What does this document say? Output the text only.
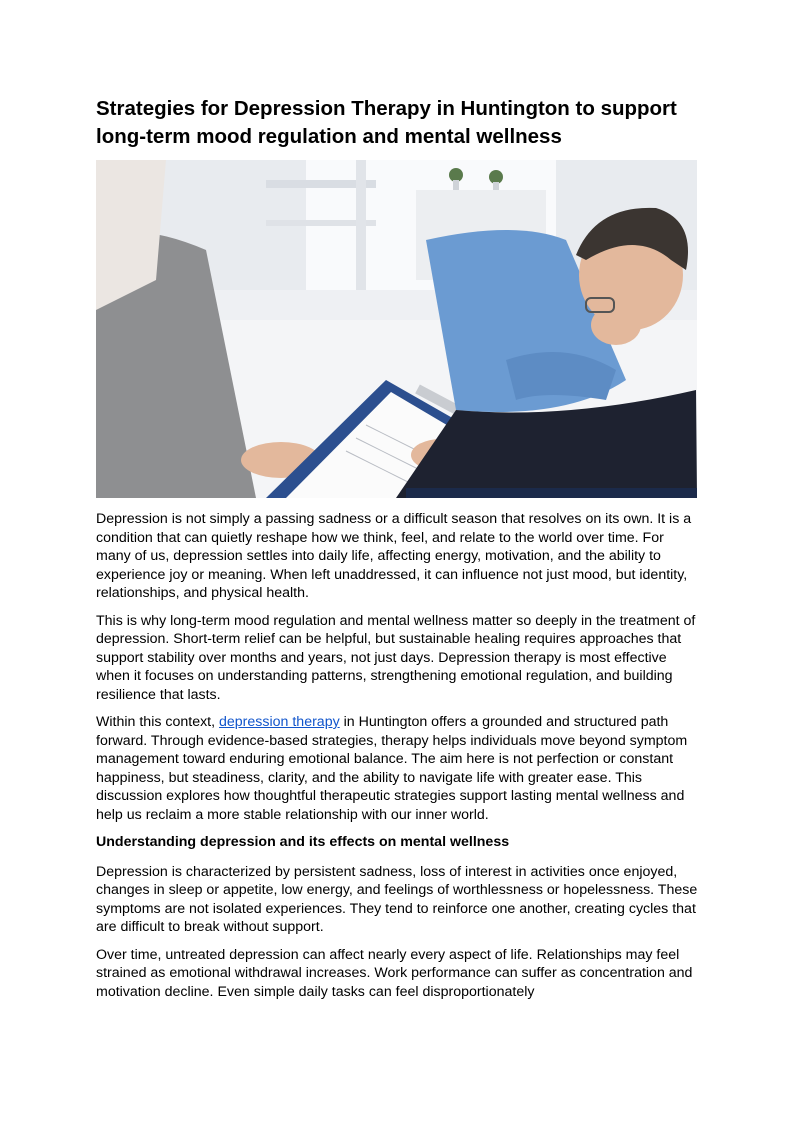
Strategies for Depression Therapy in Huntington to support long-term mood regulation and mental wellness

Depression is not simply a passing sadness or a difficult season that resolves on its own. It is a condition that can quietly reshape how we think, feel, and relate to the world over time. For many of us, depression settles into daily life, affecting energy, motivation, and the ability to experience joy or meaning. When left unaddressed, it can influence not just mood, but identity, relationships, and physical health.

This is why long-term mood regulation and mental wellness matter so deeply in the treatment of depression. Short-term relief can be helpful, but sustainable healing requires approaches that support stability over months and years, not just days. Depression therapy is most effective when it focuses on understanding patterns, strengthening emotional regulation, and building resilience that lasts.

Within this context, depression therapy in Huntington offers a grounded and structured path forward. Through evidence-based strategies, therapy helps individuals move beyond symptom management toward enduring emotional balance. The aim here is not perfection or constant happiness, but steadiness, clarity, and the ability to navigate life with greater ease. This discussion explores how thoughtful therapeutic strategies support lasting mental wellness and help us reclaim a more stable relationship with our inner world.

Understanding depression and its effects on mental wellness

Depression is characterized by persistent sadness, loss of interest in activities once enjoyed, changes in sleep or appetite, low energy, and feelings of worthlessness or hopelessness. These symptoms are not isolated experiences. They tend to reinforce one another, creating cycles that are difficult to break without support.

Over time, untreated depression can affect nearly every aspect of life. Relationships may feel strained as emotional withdrawal increases. Work performance can suffer as concentration and motivation decline. Even simple daily tasks can feel disproportionately
